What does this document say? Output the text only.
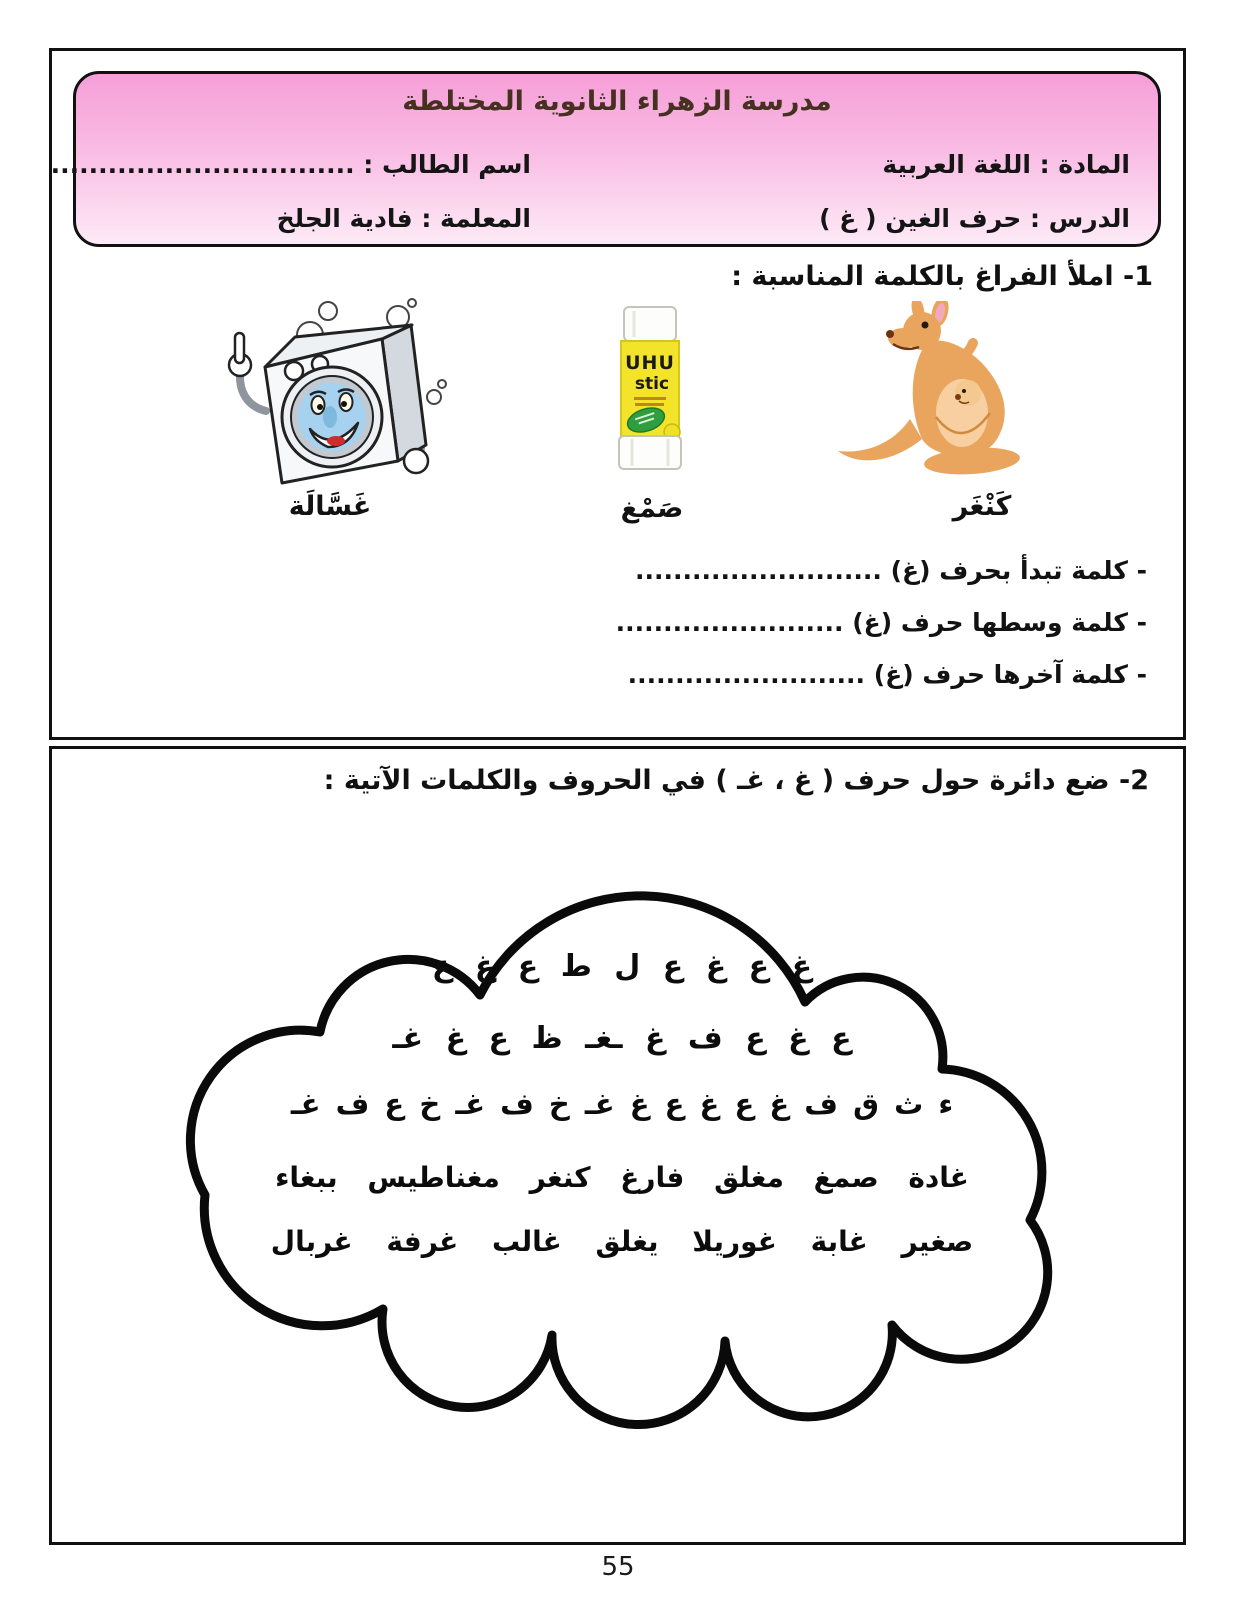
مدرسة الزهراء الثانوية المختلطة
المادة : اللغة العربية
اسم الطالب : ................................
الدرس : حرف الغين ( غ )
المعلمة : فادية الجلخ
1- املأ الفراغ بالكلمة المناسبة :
UHU
stic
كَنْغَر
صَمْغ
غَسَّالَة
- كلمة تبدأ بحرف (غ) ..........................
- كلمة وسطها حرف (غ) ........................
- كلمة آخرها حرف (غ) .........................
2- ضع دائرة حول حرف ( غ ، غـ ) في الحروف والكلمات الآتية :
غ ع غ ع ل ط ع غ ع
ع غ ع ف غ ـغـ ظ ع غ غـ
ء ث ق ف غ ع غ ع غ غـ خ ف غـ خ ع ف غـ
غادة صمغ مغلق فارغ كنغر مغناطيس ببغاء
صغير غابة غوريلا يغلق غالب غرفة غربال
55
